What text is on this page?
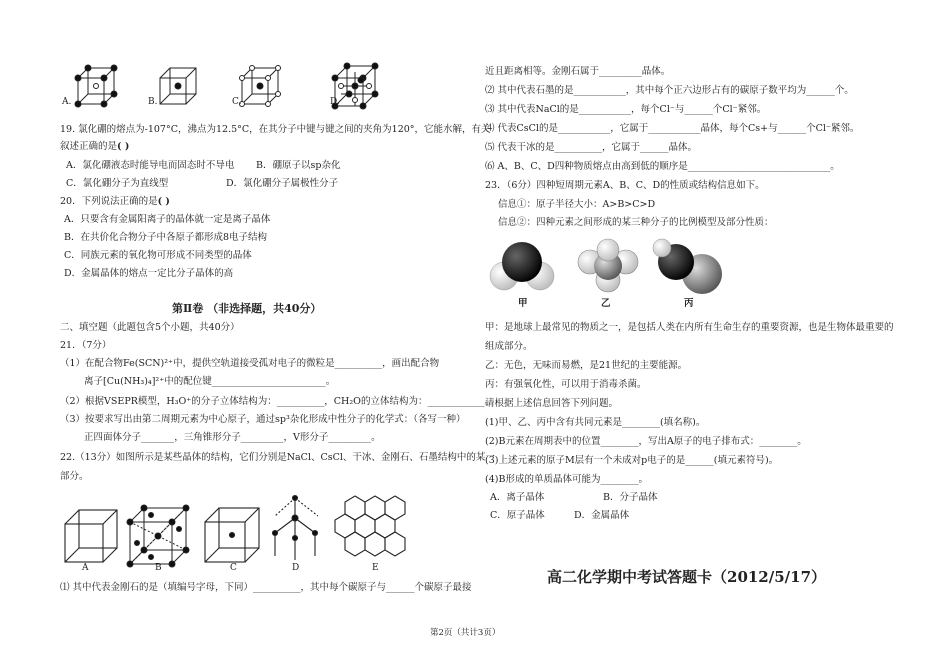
A.	B.	C.	D.
19. 氯化硼的熔点为-107°C，沸点为12.5°C，在其分子中键与键之间的夹角为120°，它能水解，有关
叙述正确的是( )
A．氯化硼液态时能导电而固态时不导电 B．硼原子以sp杂化
C．氯化硼分子为直线型	D．氯化硼分子属极性分子
20．下列说法正确的是( )
A．只要含有金属阳离子的晶体就一定是离子晶体
B．在共价化合物分子中各原子都形成8电子结构
C．同族元素的氧化物可形成不同类型的晶体
D．金属晶体的熔点一定比分子晶体的高
第Ⅱ卷 （非选择题，共40分）
二、填空题（此题包含5个小题，共40分）
21．（7分）
（1）在配合物Fe(SCN)²⁺中，提供空轨道接受孤对电子的微粒是__________，画出配合物
离子[Cu(NH₃)₄]²⁺中的配位键________________________。
（2）根据VSEPR模型，H₃O⁺的分子立体结构为：__________，CH₂O的立体结构为：____________。
（3）按要求写出由第二周期元素为中心原子，通过sp³杂化形成中性分子的化学式：（各写一种）
正四面体分子_______，三角锥形分子_________，V形分子_________。
22.（13分）如图所示是某些晶体的结构，它们分别是NaCl、CsCl、干冰、金刚石、石墨结构中的某一
部分。
A	B	C	D	E
⑴ 其中代表金刚石的是（填编号字母，下同）__________，其中每个碳原子与______个碳原子最接
近且距离相等。金刚石属于_________晶体。
⑵ 其中代表石墨的是___________，其中每个正六边形占有的碳原子数平均为______个。
⑶ 其中代表NaCl的是___________，每个Cl⁻与______个Cl⁻紧邻。
⑷ 代表CsCl的是___________，它属于___________晶体，每个Cs+与______个Cl⁻紧邻。
⑸ 代表干冰的是__________，它属于______晶体。
⑹ A、B、C、D四种物质熔点由高到低的顺序是______________________________。
23．（6分）四种短周期元素A、B、C、D的性质或结构信息如下。
信息①：原子半径大小：A>B>C>D
信息②：四种元素之间形成的某三种分子的比例模型及部分性质：
甲	乙	丙
甲：是地球上最常见的物质之一，是包括人类在内所有生命生存的重要资源，也是生物体最重要的
组成部分。
乙：无色，无味而易燃，是21世纪的主要能源。
丙：有强氧化性，可以用于消毒杀菌。
请根据上述信息回答下列问题。
(1)甲、乙、丙中含有共同元素是________(填名称)。
(2)B元素在周期表中的位置________，写出A原子的电子排布式：________。
(3)上述元素的原子M层有一个未成对p电子的是______(填元素符号)。
(4)B形成的单质晶体可能为________。
A．离子晶体	B．分子晶体
C．原子晶体	D．金属晶体
高二化学期中考试答题卡（2012/5/17）
第2页（共计3页）
